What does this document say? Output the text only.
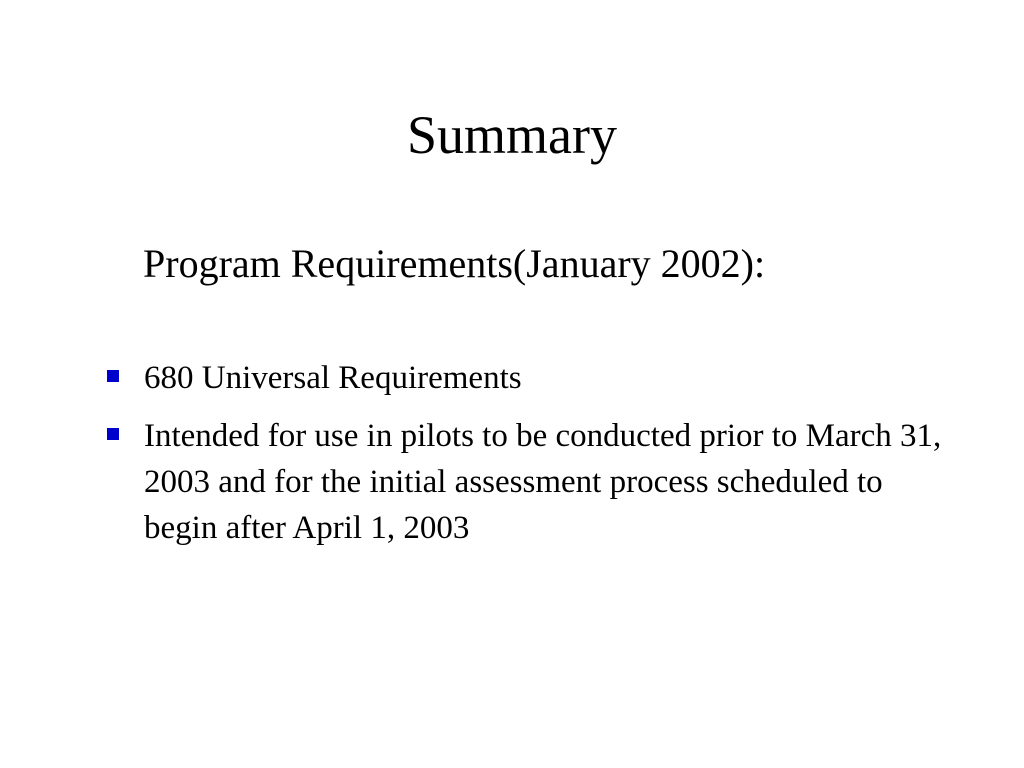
Summary

Program Requirements(January 2002):

680 Universal Requirements
Intended for use in pilots to be conducted prior to March 31, 2003 and for the initial assessment process scheduled to begin after April 1, 2003
